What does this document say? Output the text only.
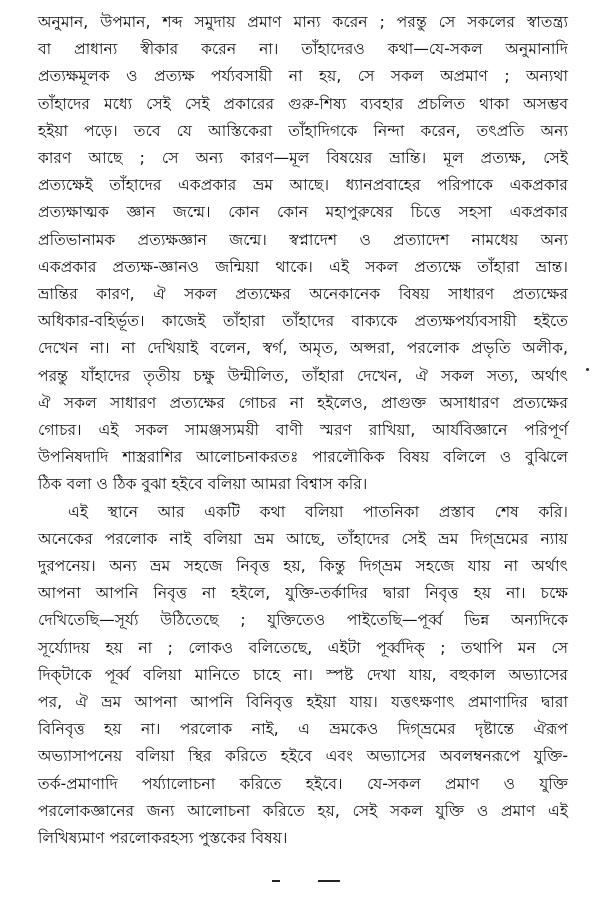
অনুমান, উপমান, শব্দ সমুদায় প্রমাণ মান্য করেন ; পরন্তু সে সকলের স্বাতন্ত্র্য
বা প্রাধান্য স্বীকার করেন না। তাঁহাদেরও কথা—যে-সকল অনুমানাদি
প্রত্যক্ষমূলক ও প্রত্যক্ষ পর্য্যবসায়ী না হয়, সে সকল অপ্রমাণ ; অন্যথা
তাঁহাদের মধ্যে সেই সেই প্রকারের গুরু-শিষ্য ব্যবহার প্রচলিত থাকা অসম্ভব
হইয়া পড়ে। তবে যে আস্তিকেরা তাঁহাদিগকে নিন্দা করেন, তৎপ্রতি অন্য
কারণ আছে ; সে অন্য কারণ—মূল বিষয়ের ভ্রান্তি। মূল প্রত্যক্ষ, সেই
প্রত্যক্ষেই তাঁহাদের একপ্রকার ভ্রম আছে। ধ্যানপ্রবাহের পরিপাকে একপ্রকার
প্রত্যক্ষাত্মক জ্ঞান জন্মে। কোন কোন মহাপুরুষের চিত্তে সহসা একপ্রকার
প্রতিভানামক প্রত্যক্ষজ্ঞান জন্মে। স্বপ্নাদেশ ও প্রত্যাদেশ নামধেয় অন্য
একপ্রকার প্রত্যক্ষ-জ্ঞানও জন্মিয়া থাকে। এই সকল প্রত্যক্ষে তাঁহারা ভ্রান্ত।
ভ্রান্তির কারণ, ঐ সকল প্রত্যক্ষের অনেকানেক বিষয় সাধারণ প্রত্যক্ষের
অধিকার-বহির্ভূত। কাজেই তাঁহারা তাঁহাদের বাক্যকে প্রত্যক্ষপর্য্যবসায়ী হইতে
দেখেন না। না দেখিয়াই বলেন, স্বর্গ, অমৃত, অপ্সরা, পরলোক প্রভৃতি অলীক,
পরন্তু যাঁহাদের তৃতীয় চক্ষু উন্মীলিত, তাঁহারা দেখেন, ঐ সকল সত্য, অর্থাৎ
ঐ সকল সাধারণ প্রত্যক্ষের গোচর না হইলেও, প্রাগুক্ত অসাধারণ প্রত্যক্ষের
গোচর। এই সকল সামঞ্জস্যময়ী বাণী স্মরণ রাখিয়া, আর্যবিজ্ঞানে পরিপূর্ণ
উপনিষদাদি শাস্ত্ররাশির আলোচনাকরতঃ পারলৌকিক বিষয় বলিলে ও বুঝিলে
ঠিক বলা ও ঠিক বুঝা হইবে বলিয়া আমরা বিশ্বাস করি।

এই স্থানে আর একটি কথা বলিয়া পাতনিকা প্রস্তাব শেষ করি।
অনেকের পরলোক নাই বলিয়া ভ্রম আছে, তাঁহাদের সেই ভ্রম দিগ্‌ভ্রমের ন্যায়
দুরপনেয়। অন্য ভ্রম সহজে নিবৃত্ত হয়, কিন্তু দিগ্‌ভ্রম সহজে যায় না অর্থাৎ
আপনা আপনি নিবৃত্ত না হইলে, যুক্তি-তর্কাদির দ্বারা নিবৃত্ত হয় না। চক্ষে
দেখিতেছি—সূর্য্য উঠিতেছে ; যুক্তিতেও পাইতেছি—পূর্ব্ব ভিন্ন অন্যদিকে
সূর্য্যোদয় হয় না ; লোকও বলিতেছে, এইটা পূর্ব্বদিক্ ; তথাপি মন সে
দিক্‌টাকে পূর্ব্ব বলিয়া মানিতে চাহে না। স্পষ্ট দেখা যায়, বহুকাল অভ্যাসের
পর, ঐ ভ্রম আপনা আপনি বিনিবৃত্ত হইয়া যায়। যত্তৎক্ষণাৎ প্রমাণাদির দ্বারা
বিনিবৃত্ত হয় না। পরলোক নাই, এ ভ্রমকেও দিগ্‌ভ্রমের দৃষ্টান্তে ঐরূপ
অভ্যাসাপনেয় বলিয়া স্থির করিতে হইবে এবং অভ্যাসের অবলম্বনরূপে যুক্তি-
তর্ক-প্রমাণাদি পর্য্যালোচনা করিতে হইবে। যে-সকল প্রমাণ ও যুক্তি
পরলোকজ্ঞানের জন্য আলোচনা করিতে হয়, সেই সকল যুক্তি ও প্রমাণ এই
লিখিষ্যমাণ পরলোকরহস্য পুস্তকের বিষয়।
